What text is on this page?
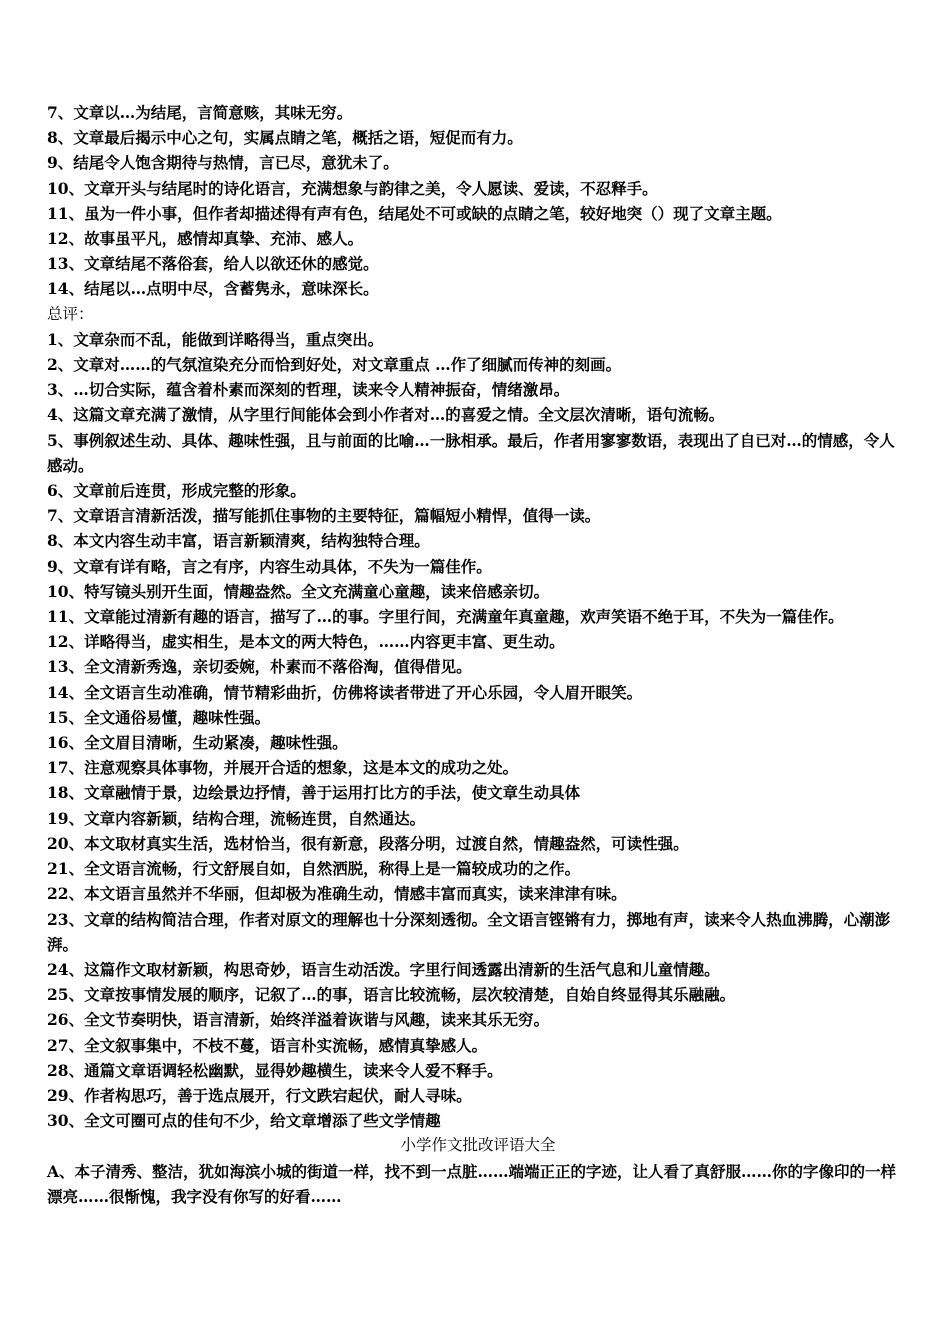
7、文章以…为结尾，言简意赅，其味无穷。
8、文章最后揭示中心之句，实属点睛之笔，概括之语，短促而有力。
9、结尾令人饱含期待与热情，言已尽，意犹未了。
10、文章开头与结尾时的诗化语言，充满想象与韵律之美，令人愿读、爱读，不忍释手。
11、虽为一件小事，但作者却描述得有声有色，结尾处不可或缺的点睛之笔，较好地突（）现了文章主题。
12、故事虽平凡，感情却真挚、充沛、感人。
13、文章结尾不落俗套，给人以欲还休的感觉。
14、结尾以…点明中尽，含蓄隽永，意味深长。
总评：
1、文章杂而不乱，能做到详略得当，重点突出。
2、文章对……的气氛渲染充分而恰到好处，对文章重点 …作了细腻而传神的刻画。
3、…切合实际，蕴含着朴素而深刻的哲理，读来令人精神振奋，情绪激昂。
4、这篇文章充满了激情，从字里行间能体会到小作者对…的喜爱之情。全文层次清晰，语句流畅。
5、事例叙述生动、具体、趣味性强，且与前面的比喻…一脉相承。最后，作者用寥寥数语，表现出了自已对…的情感，令人感动。
6、文章前后连贯，形成完整的形象。
7、文章语言清新活泼，描写能抓住事物的主要特征，篇幅短小精悍，值得一读。
8、本文内容生动丰富，语言新颖清爽，结构独特合理。
9、文章有详有略，言之有序，内容生动具体，不失为一篇佳作。
10、特写镜头别开生面，情趣盎然。全文充满童心童趣，读来倍感亲切。
11、文章能过清新有趣的语言，描写了…的事。字里行间，充满童年真童趣，欢声笑语不绝于耳，不失为一篇佳作。
12、详略得当，虚实相生，是本文的两大特色，……内容更丰富、更生动。
13、全文清新秀逸，亲切委婉，朴素而不落俗淘，值得借见。
14、全文语言生动准确，情节精彩曲折，仿佛将读者带进了开心乐园，令人眉开眼笑。
15、全文通俗易懂，趣味性强。
16、全文眉目清晰，生动紧凑，趣味性强。
17、注意观察具体事物，并展开合适的想象，这是本文的成功之处。
18、文章融情于景，边绘景边抒情，善于运用打比方的手法，使文章生动具体
19、文章内容新颖，结构合理，流畅连贯，自然通达。
20、本文取材真实生活，选材恰当，很有新意，段落分明，过渡自然，情趣盎然，可读性强。
21、全文语言流畅，行文舒展自如，自然洒脱，称得上是一篇较成功的之作。
22、本文语言虽然并不华丽，但却极为准确生动，情感丰富而真实，读来津津有味。
23、文章的结构简洁合理，作者对原文的理解也十分深刻透彻。全文语言铿锵有力，掷地有声，读来令人热血沸腾，心潮澎湃。
24、这篇作文取材新颖，构思奇妙，语言生动活泼。字里行间透露出清新的生活气息和儿童情趣。
25、文章按事情发展的顺序，记叙了…的事，语言比较流畅，层次较清楚，自始自终显得其乐融融。
26、全文节奏明快，语言清新，始终洋溢着诙谐与风趣，读来其乐无穷。
27、全文叙事集中，不枝不蔓，语言朴实流畅，感情真挚感人。
28、通篇文章语调轻松幽默，显得妙趣横生，读来令人爱不释手。
29、作者构思巧，善于选点展开，行文跌宕起伏，耐人寻味。
30、全文可圈可点的佳句不少，给文章增添了些文学情趣
小学作文批改评语大全
A、本子清秀、整洁，犹如海滨小城的街道一样，找不到一点脏……端端正正的字迹，让人看了真舒服……你的字像印的一样漂亮……很惭愧，我字没有你写的好看……
